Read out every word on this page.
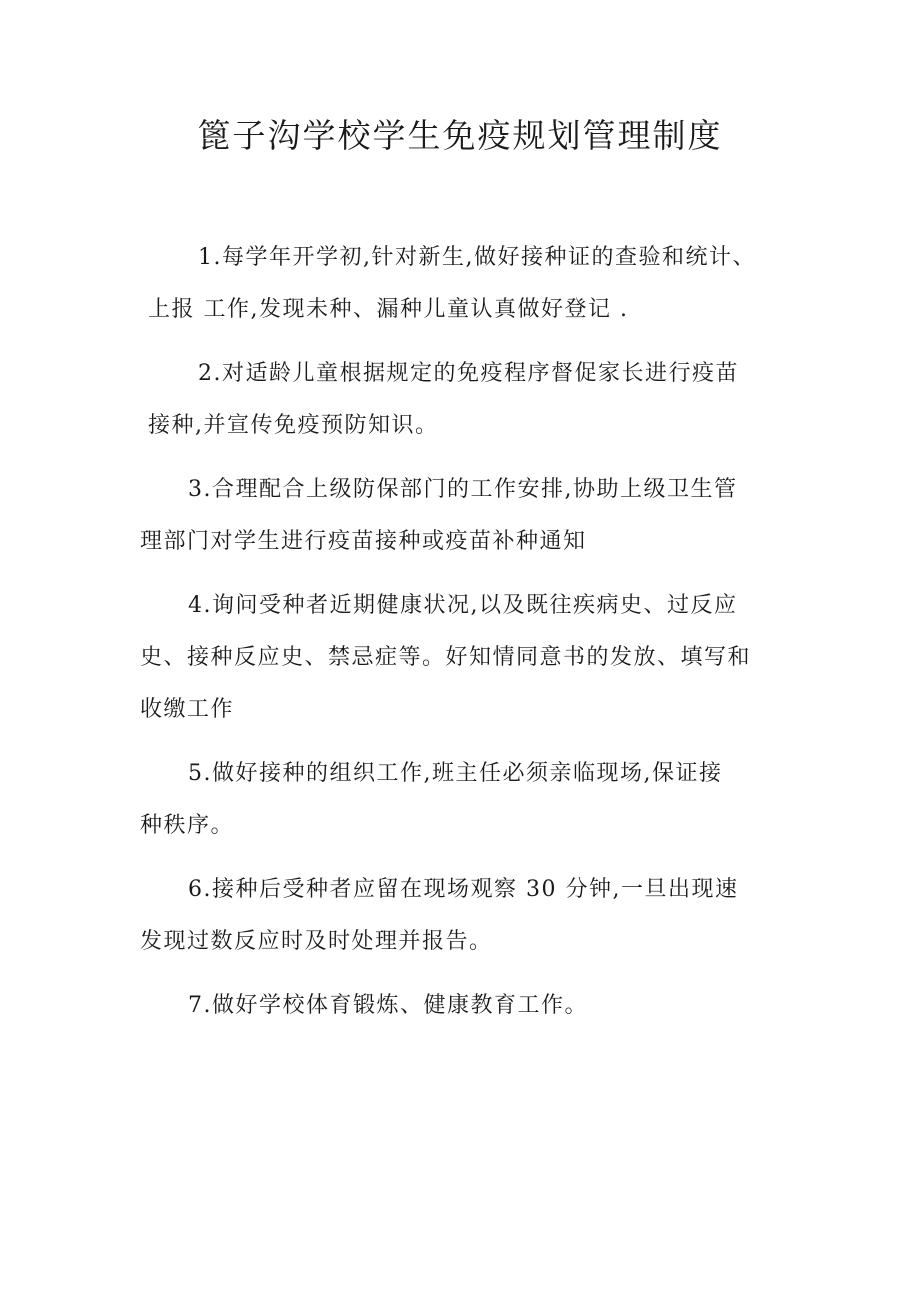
篦子沟学校学生免疫规划管理制度

1.每学年开学初,针对新生,做好接种证的查验和统计、
上报 工作,发现未种、漏种儿童认真做好登记 .

2.对适龄儿童根据规定的免疫程序督促家长进行疫苗
接种,并宣传免疫预防知识。

3.合理配合上级防保部门的工作安排,协助上级卫生管
理部门对学生进行疫苗接种或疫苗补种通知

4.询问受种者近期健康状况,以及既往疾病史、过反应
史、接种反应史、禁忌症等。好知情同意书的发放、填写和
收缴工作

5.做好接种的组织工作,班主任必须亲临现场,保证接
种秩序。

6.接种后受种者应留在现场观察 30 分钟,一旦出现速
发现过数反应时及时处理并报告。

7.做好学校体育锻炼、健康教育工作。
